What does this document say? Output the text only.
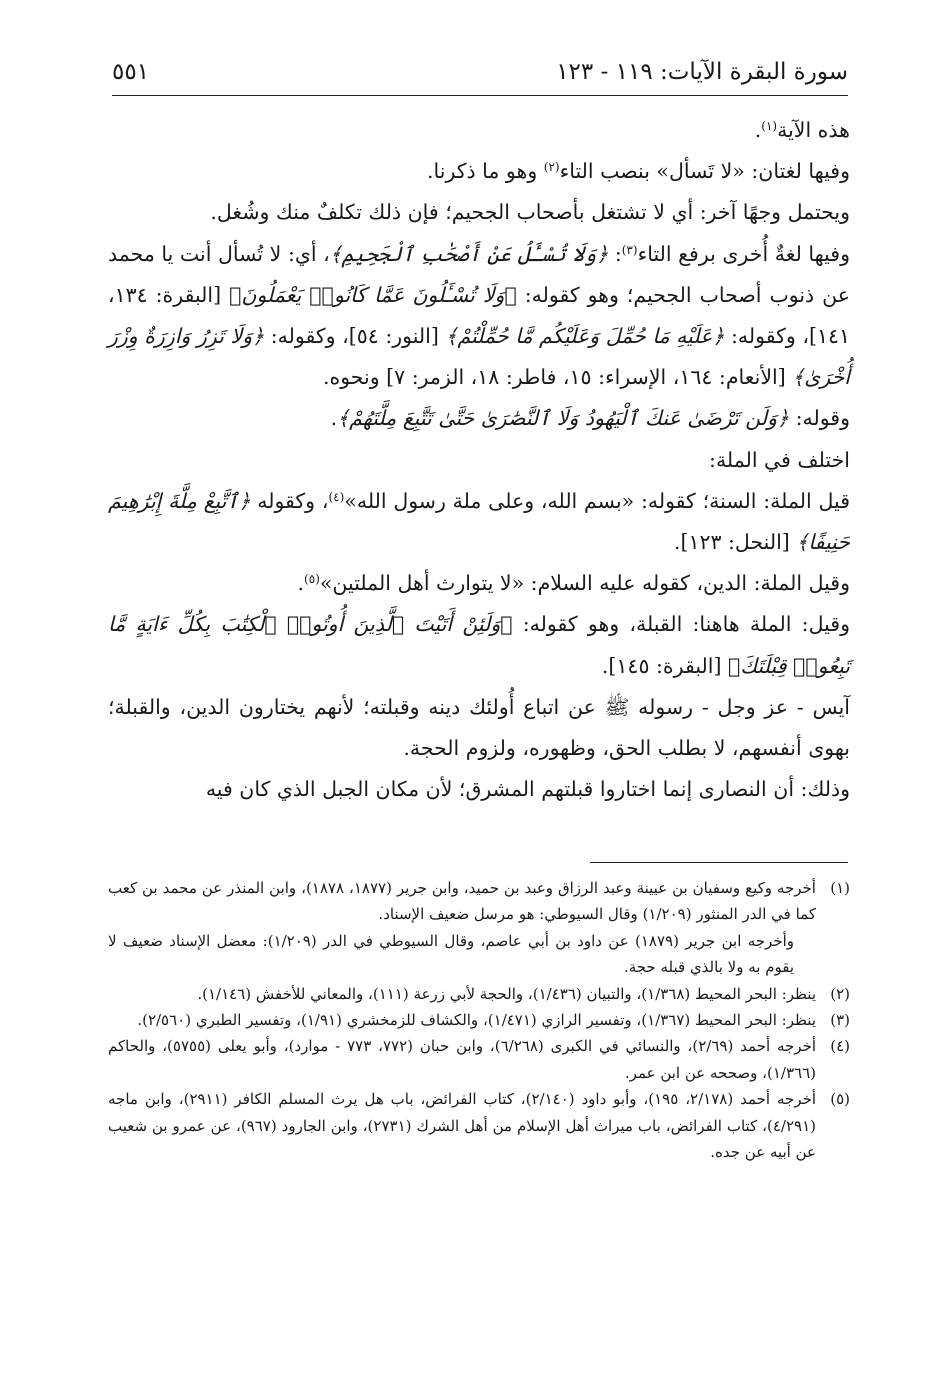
سورة البقرة الآيات: ١١٩ - ١٢٣
٥٥١

هذه الآية$^{(١)}$.

وفيها لغتان: «لا تَسأل» بنصب التاء$^{(٢)}$ وهو ما ذكرنا.

ويحتمل وجهًا آخر: أي لا تشتغل بأصحاب الجحيم؛ فإن ذلك تكلفٌ منك وشُغل.

وفيها لغةٌ أُخرى برفع التاء$^{(٣)}$: ﴿وَلَا تُسْـَٔلُ عَنْ أَصْحَٰبِ ٱلْجَحِيمِ﴾، أي: لا تُسأل أنت يا محمد عن ذنوب أصحاب الجحيم؛ وهو كقوله: ﴿وَلَا تُسْـَٔلُونَ عَمَّا كَانُوا۟ يَعْمَلُونَ﴾ [البقرة: ١٣٤، ١٤١]، وكقوله: ﴿عَلَيْهِ مَا حُمِّلَ وَعَلَيْكُم مَّا حُمِّلْتُمْ﴾ [النور: ٥٤]، وكقوله: ﴿وَلَا تَزِرُ وَازِرَةٌ وِزْرَ أُخْرَىٰ﴾ [الأنعام: ١٦٤، الإسراء: ١٥، فاطر: ١٨، الزمر: ٧] ونحوه.

وقوله: ﴿وَلَن تَرْضَىٰ عَنكَ ٱلْيَهُودُ وَلَا ٱلنَّصَٰرَىٰ حَتَّىٰ تَتَّبِعَ مِلَّتَهُمْ﴾.

اختلف في الملة:

قيل الملة: السنة؛ كقوله: «بسم الله، وعلى ملة رسول الله»$^{(٤)}$، وكقوله ﴿ٱتَّبِعْ مِلَّةَ إِبْرَٰهِيمَ حَنِيفًا﴾ [النحل: ١٢٣].

وقيل الملة: الدين، كقوله عليه السلام: «لا يتوارث أهل الملتين»$^{(٥)}$.

وقيل: الملة هاهنا: القبلة، وهو كقوله: ﴿وَلَئِنْ أَتَيْتَ ٱلَّذِينَ أُوتُوا۟ ٱلْكِتَٰبَ بِكُلِّ ءَايَةٍ مَّا تَبِعُوا۟ قِبْلَتَكَ﴾ [البقرة: ١٤٥].

آيس - عز وجل - رسوله ﷺ عن اتباع أُولئك دينه وقبلته؛ لأنهم يختارون الدين، والقبلة؛ بهوى أنفسهم، لا بطلب الحق، وظهوره، ولزوم الحجة.

وذلك: أن النصارى إنما اختاروا قبلتهم المشرق؛ لأن مكان الجبل الذي كان فيه

(١)

أخرجه وكيع وسفيان بن عيينة وعبد الرزاق وعبد بن حميد، وابن جرير (١٨٧٧، ١٨٧٨)، وابن المنذر عن محمد بن كعب كما في الدر المنثور (١/٢٠٩) وقال السيوطي: هو مرسل ضعيف الإسناد.

وأخرجه ابن جرير (١٨٧٩) عن داود بن أبي عاصم، وقال السيوطي في الدر (١/٢٠٩): معضل الإسناد ضعيف لا يقوم به ولا بالذي قبله حجة.

(٢)

ينظر: البحر المحيط (١/٣٦٨)، والتبيان (١/٤٣٦)، والحجة لأبي زرعة (١١١)، والمعاني للأخفش (١/١٤٦).

(٣)

ينظر: البحر المحيط (١/٣٦٧)، وتفسير الرازي (١/٤٧١)، والكشاف للزمخشري (١/٩١)، وتفسير الطبري (٢/٥٦٠).

(٤)

أخرجه أحمد (٢/٦٩)، والنسائي في الكبرى (٦/٢٦٨)، وابن حبان (٧٧٢، ٧٧٣ - موارد)، وأبو يعلى (٥٧٥٥)، والحاكم (١/٣٦٦)، وصححه عن ابن عمر.

(٥)

أخرجه أحمد (٢/١٧٨، ١٩٥)، وأبو داود (٢/١٤٠)، كتاب الفرائض، باب هل يرث المسلم الكافر (٢٩١١)، وابن ماجه (٤/٢٩١)، كتاب الفرائض، باب ميراث أهل الإسلام من أهل الشرك (٢٧٣١)، وابن الجارود (٩٦٧)، عن عمرو بن شعيب عن أبيه عن جده.
